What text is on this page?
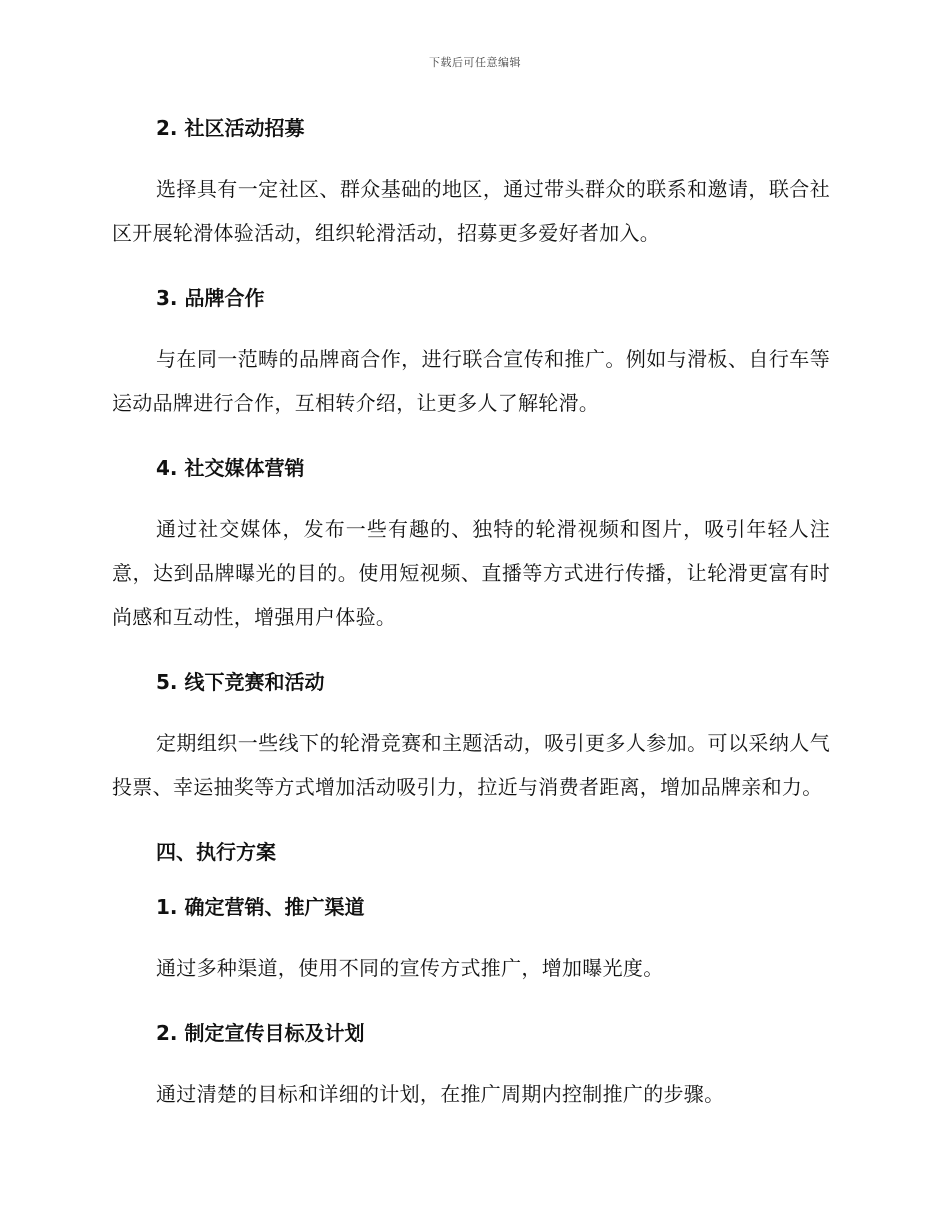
下载后可任意编辑
2. 社区活动招募

选择具有一定社区、群众基础的地区，通过带头群众的联系和邀请，联合社区开展轮滑体验活动，组织轮滑活动，招募更多爱好者加入。

3. 品牌合作

与在同一范畴的品牌商合作，进行联合宣传和推广。例如与滑板、自行车等运动品牌进行合作，互相转介绍，让更多人了解轮滑。

4. 社交媒体营销

通过社交媒体，发布一些有趣的、独特的轮滑视频和图片，吸引年轻人注意，达到品牌曝光的目的。使用短视频、直播等方式进行传播，让轮滑更富有时尚感和互动性，增强用户体验。

5. 线下竞赛和活动

定期组织一些线下的轮滑竞赛和主题活动，吸引更多人参加。可以采纳人气投票、幸运抽奖等方式增加活动吸引力，拉近与消费者距离，增加品牌亲和力。

四、执行方案
1. 确定营销、推广渠道

通过多种渠道，使用不同的宣传方式推广，增加曝光度。

2. 制定宣传目标及计划

通过清楚的目标和详细的计划，在推广周期内控制推广的步骤。
